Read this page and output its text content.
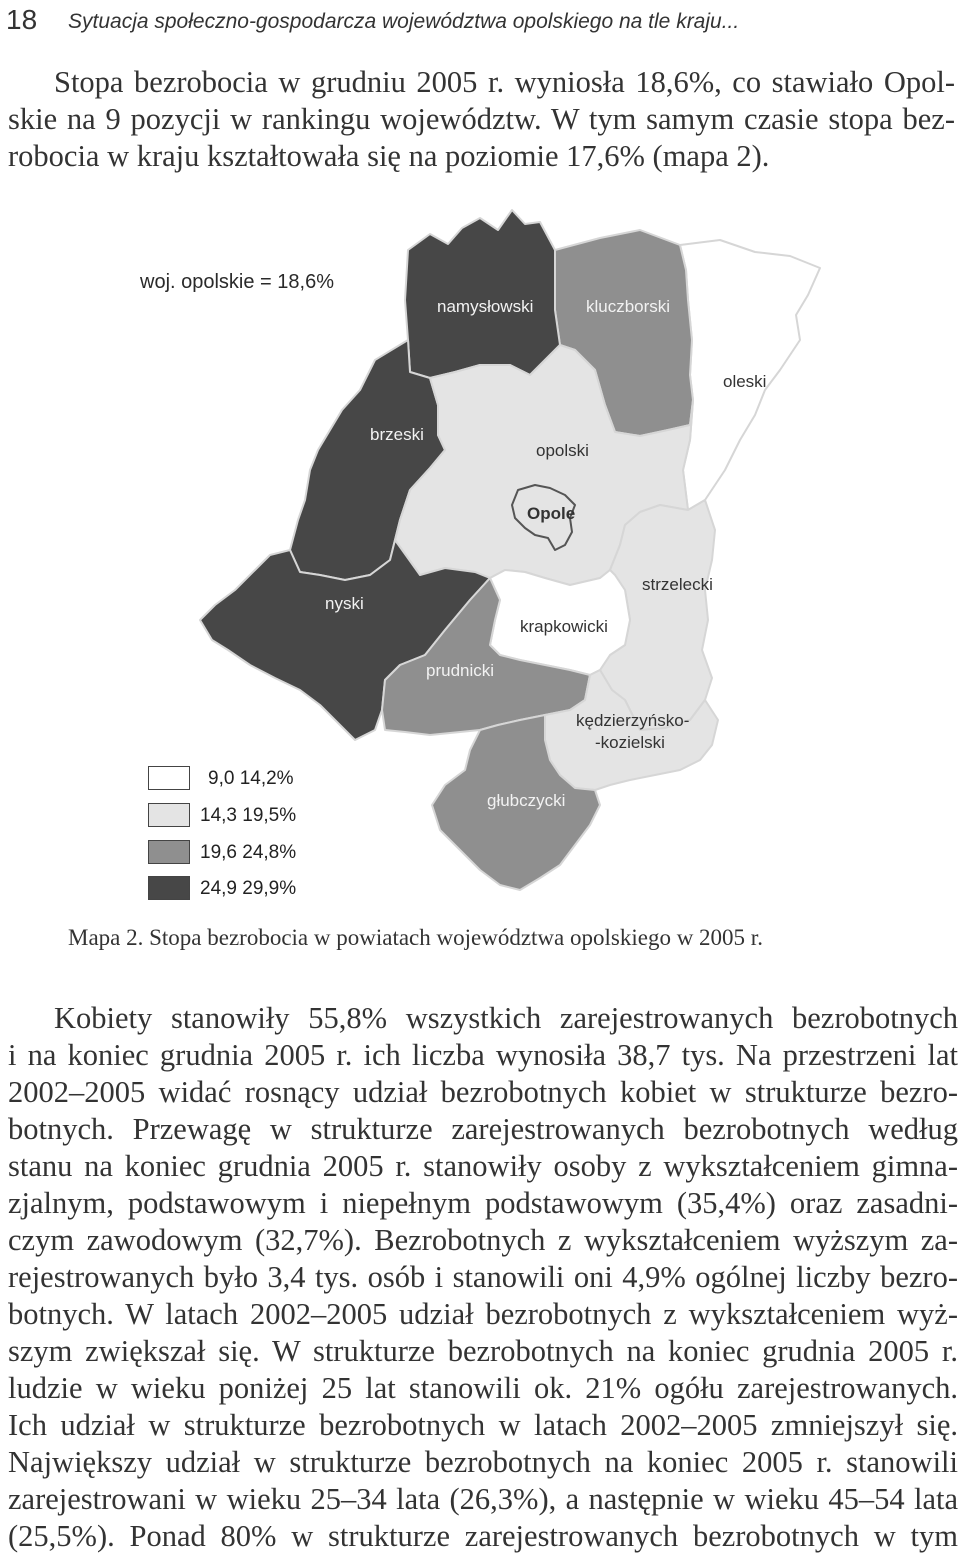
18 Sytuacja społeczno-gospodarcza województwa opolskiego na tle kraju...
Stopa bezrobocia w grudniu 2005 r. wyniosła 18,6%, co stawiało Opol-
skie na 9 pozycji w rankingu województw. W tym samym czasie stopa bez-
robocia w kraju kształtowała się na poziomie 17,6% (mapa 2).
woj. opolskie = 18,6%
Opole
namysłowski	kluczborski
oleski
brzeski
opolski
nyski
strzelecki
krapkowicki
prudnicki
kędzierzyńsko-
-kozielski
głubczycki
9,0 14,2%
14,3 19,5%
19,6 24,8%
24,9 29,9%
Mapa 2. Stopa bezrobocia w powiatach województwa opolskiego w 2005 r.
Kobiety stanowiły 55,8% wszystkich zarejestrowanych bezrobotnych
i na koniec grudnia 2005 r. ich liczba wynosiła 38,7 tys. Na przestrzeni lat
2002–2005 widać rosnący udział bezrobotnych kobiet w strukturze bezro-
botnych. Przewagę w strukturze zarejestrowanych bezrobotnych według
stanu na koniec grudnia 2005 r. stanowiły osoby z wykształceniem gimna-
zjalnym, podstawowym i niepełnym podstawowym (35,4%) oraz zasadni-
czym zawodowym (32,7%). Bezrobotnych z wykształceniem wyższym za-
rejestrowanych było 3,4 tys. osób i stanowili oni 4,9% ogólnej liczby bezro-
botnych. W latach 2002–2005 udział bezrobotnych z wykształceniem wyż-
szym zwiększał się. W strukturze bezrobotnych na koniec grudnia 2005 r.
ludzie w wieku poniżej 25 lat stanowili ok. 21% ogółu zarejestrowanych.
Ich udział w strukturze bezrobotnych w latach 2002–2005 zmniejszył się.
Największy udział w strukturze bezrobotnych na koniec 2005 r. stanowili
zarejestrowani w wieku 25–34 lata (26,3%), a następnie w wieku 45–54 lata
(25,5%). Ponad 80% w strukturze zarejestrowanych bezrobotnych w tym
